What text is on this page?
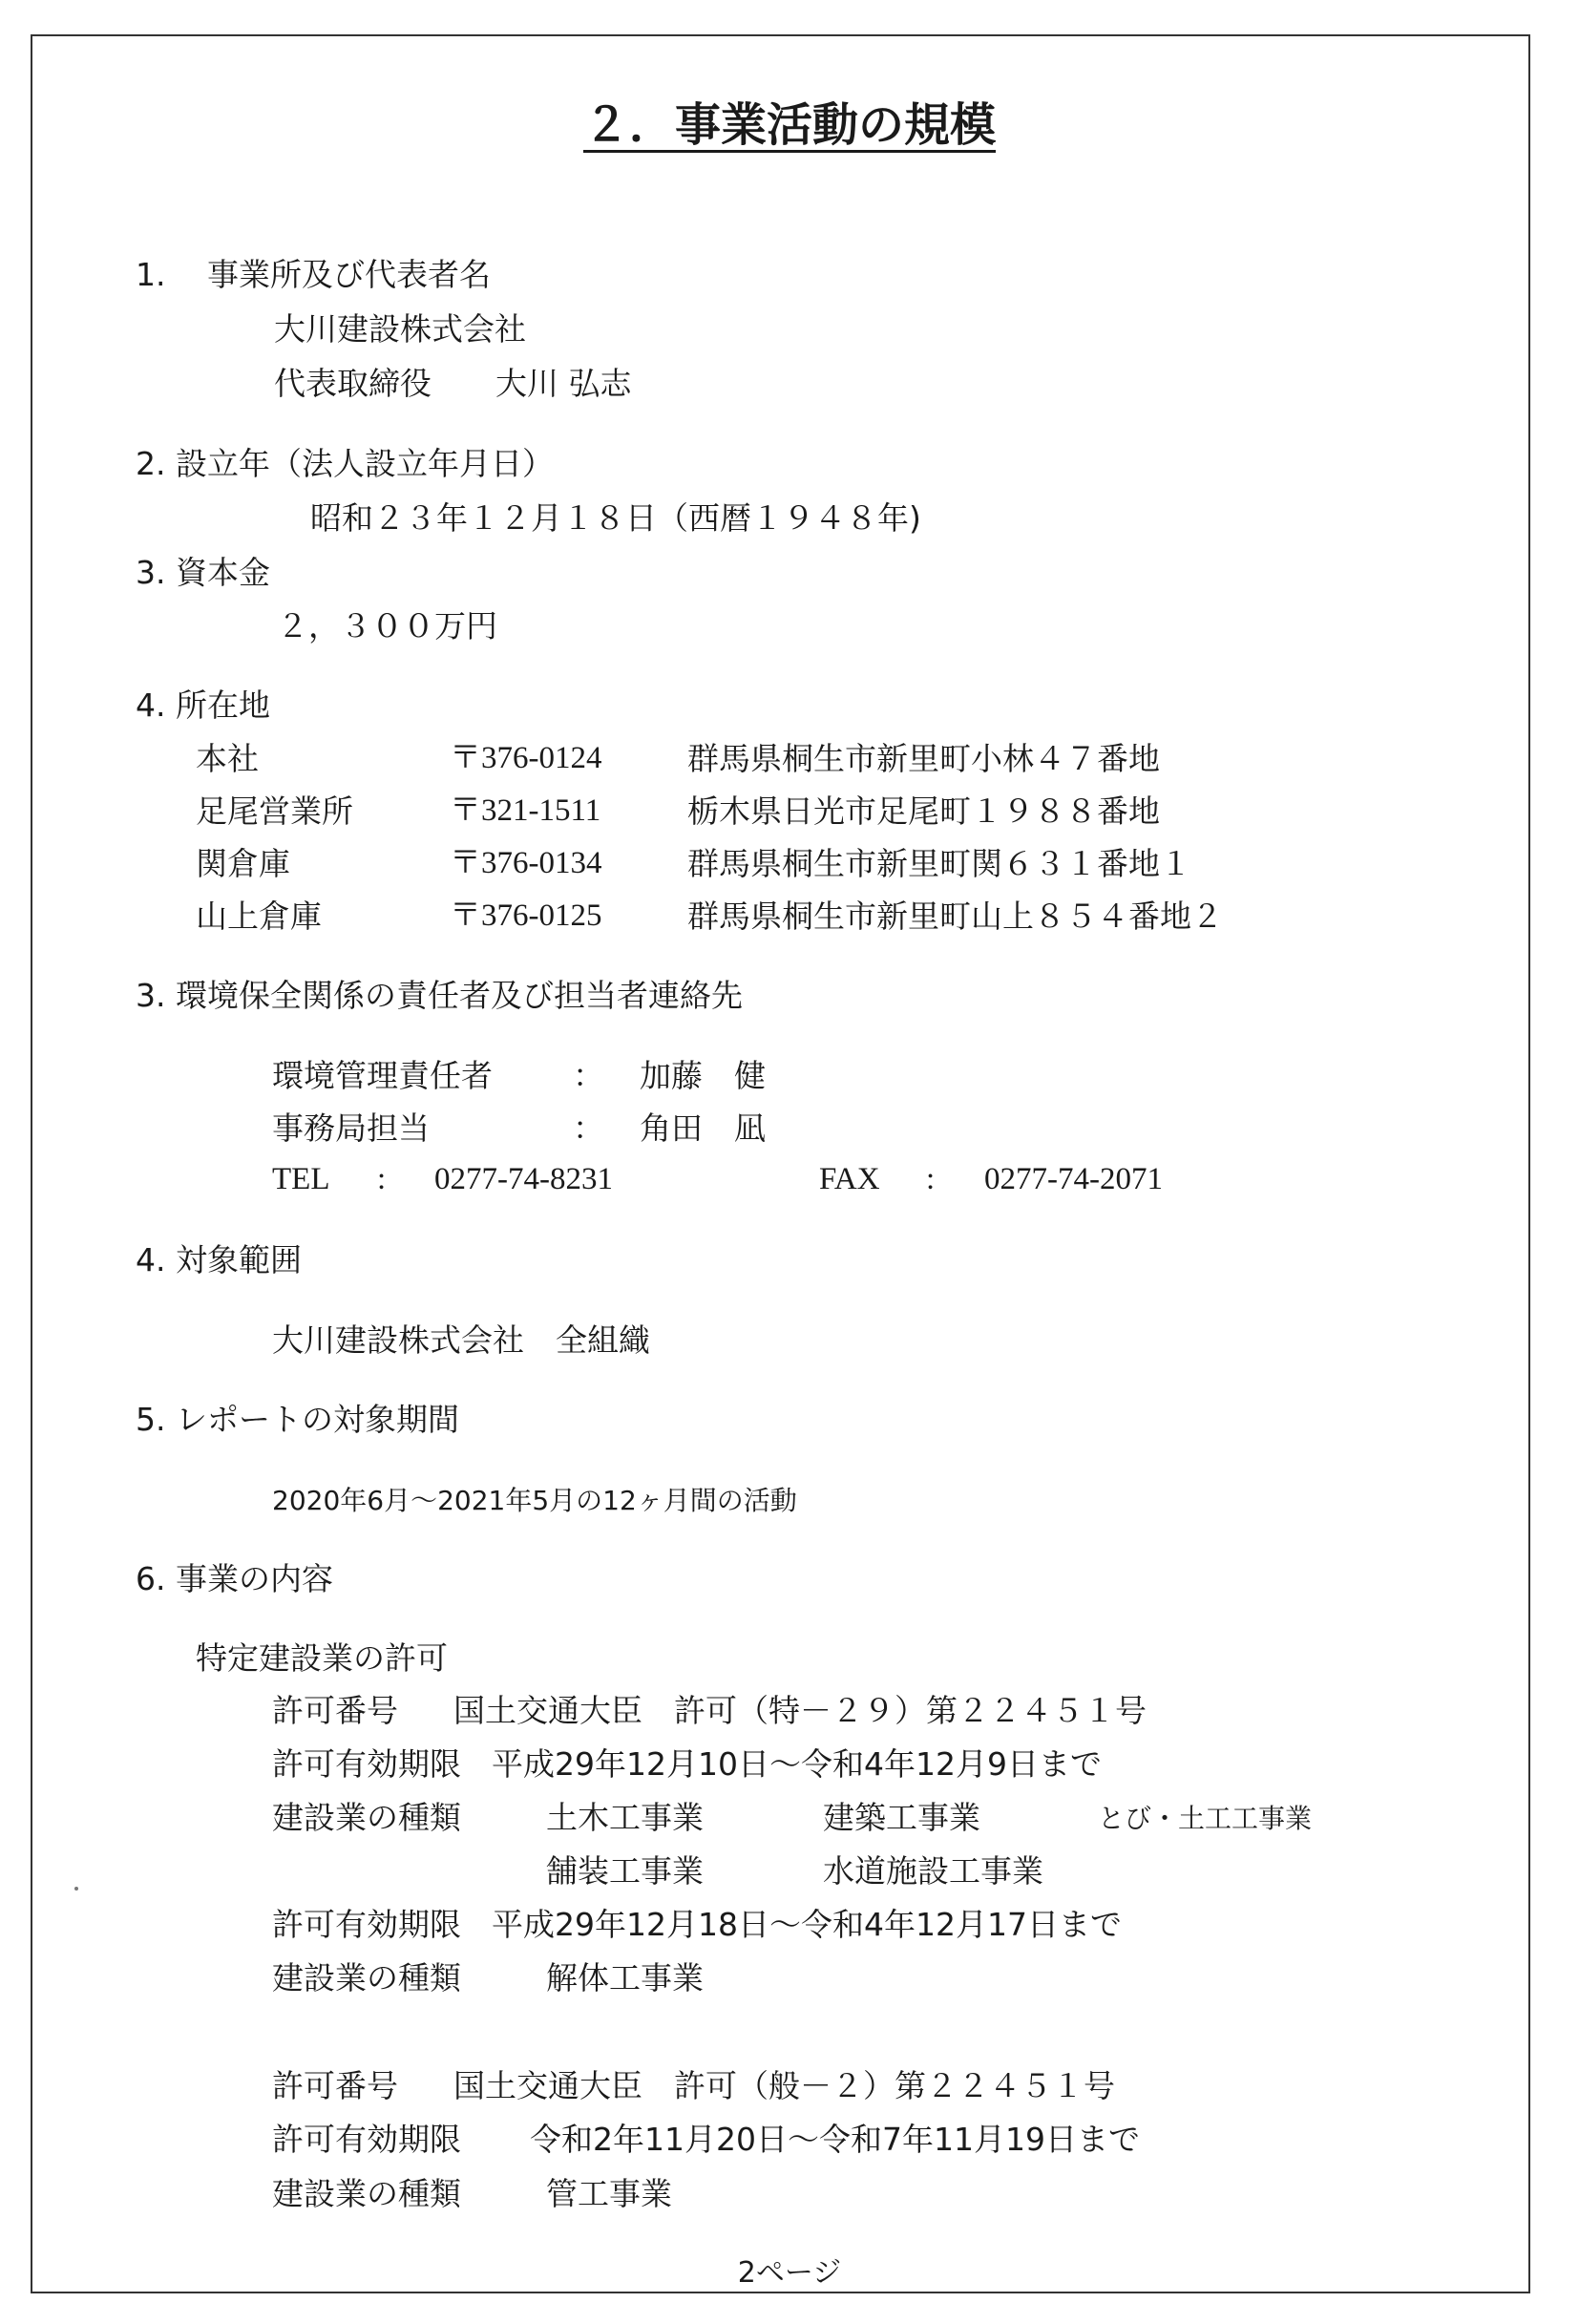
２．事業活動の規模
1.　 事業所及び代表者名
大川建設株式会社
代表取締役 大川 弘志
2. 設立年（法人設立年月日）
昭和２３年１２月１８日（西暦１９４８年)
3. 資本金
２，３００万円
4. 所在地
本社	〒376-0124	群馬県桐生市新里町小林４７番地
足尾営業所	〒321-1511	栃木県日光市足尾町１９８８番地
関倉庫	〒376-0134	群馬県桐生市新里町関６３１番地１
山上倉庫	〒376-0125	群馬県桐生市新里町山上８５４番地２
3. 環境保全関係の責任者及び担当者連絡先
環境管理責任者	： 加藤　健
事務局担当	： 角田　凪
TEL : 0277-74-8231	FAX : 0277-74-2071
4. 対象範囲
大川建設株式会社　全組織
5. レポートの対象期間
2020年6月～2021年5月の12ヶ月間の活動
6. 事業の内容
特定建設業の許可
許可番号 国土交通大臣　許可（特－２９）第２２４５１号
許可有効期限 平成29年12月10日～令和4年12月9日まで
建設業の種類	土木工事業	建築工事業	とび・土工工事業
舗装工事業	水道施設工事業
許可有効期限 平成29年12月18日～令和4年12月17日まで
建設業の種類	解体工事業
許可番号 国土交通大臣　許可（般－２）第２２４５１号
許可有効期限 令和2年11月20日～令和7年11月19日まで
建設業の種類	管工事業
2ページ
